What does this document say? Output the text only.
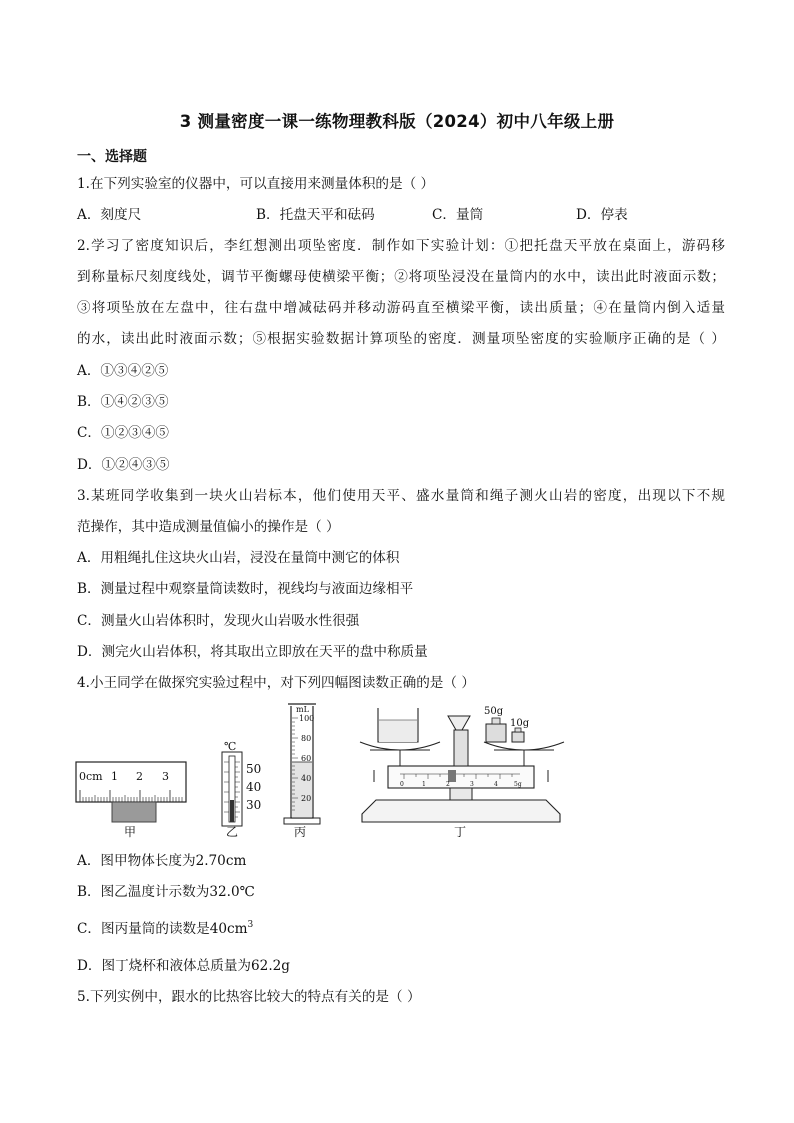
3 测量密度一课一练物理教科版（2024）初中八年级上册
一、选择题
1.在下列实验室的仪器中，可以直接用来测量体积的是（ ）
A．刻度尺	B．托盘天平和砝码	C．量筒	D．停表
2.学习了密度知识后，李红想测出项坠密度．制作如下实验计划：①把托盘天平放在桌面上，游码移
到称量标尺刻度线处，调节平衡螺母使横梁平衡；②将项坠浸没在量筒内的水中，读出此时液面示数；
③将项坠放在左盘中，往右盘中增减砝码并移动游码直至横梁平衡，读出质量；④在量筒内倒入适量
的水，读出此时液面示数；⑤根据实验数据计算项坠的密度．测量项坠密度的实验顺序正确的是（ ）
A．①③④②⑤
B．①④②③⑤
C．①②③④⑤
D．①②④③⑤
3.某班同学收集到一块火山岩标本，他们使用天平、盛水量筒和绳子测火山岩的密度，出现以下不规
范操作，其中造成测量值偏小的操作是（ ）
A．用粗绳扎住这块火山岩，浸没在量筒中测它的体积
B．测量过程中观察量筒读数时，视线均与液面边缘相平
C．测量火山岩体积时，发现火山岩吸水性很强
D．测完火山岩体积，将其取出立即放在天平的盘中称质量
4.小王同学在做探究实验过程中，对下列四幅图读数正确的是（ ）
0cm 1 2 3
甲
℃
50
40
30
乙
mL
100
80
60
40
20
丙
0	1	2	3	4	5g
50g
10g
丁
A．图甲物体长度为2.70cm
B．图乙温度计示数为32.0℃
C．图丙量筒的读数是$40cm^3$
D．图丁烧杯和液体总质量为62.2g
5.下列实例中，跟水的比热容比较大的特点有关的是（ ）
